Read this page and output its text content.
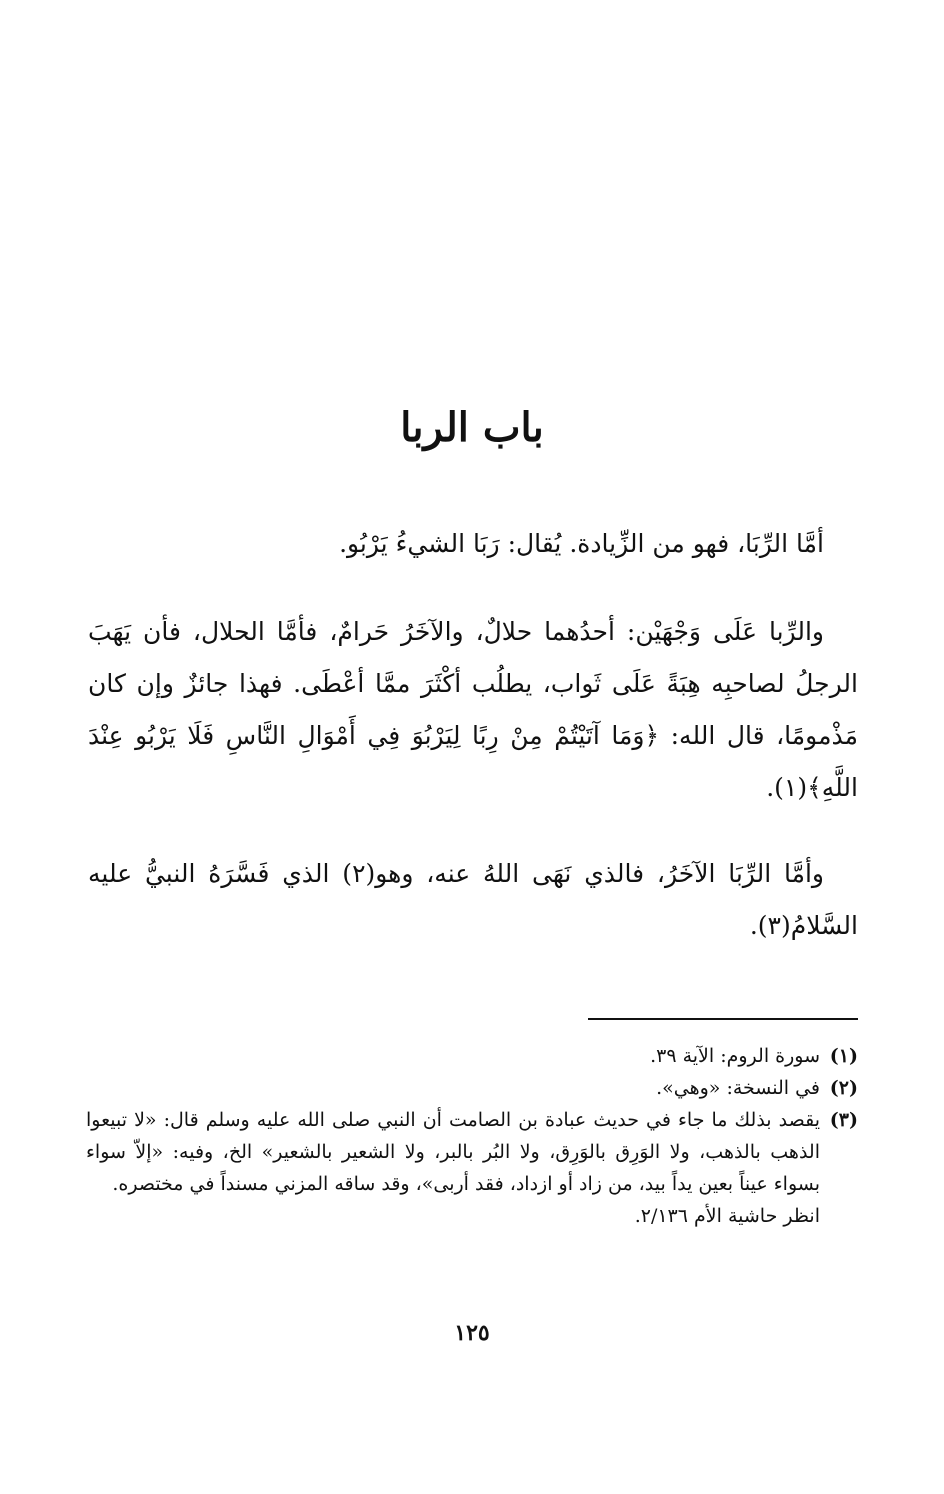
باب الربا

أمَّا الرِّبَا، فهو من الزِّيادة. يُقال: رَبَا الشيءُ يَرْبُو.

والرِّبا عَلَى وَجْهَيْن: أحدُهما حلالٌ، والآخَرُ حَرامٌ، فأمَّا الحلال، فأن يَهَبَ الرجلُ لصاحبِه هِبَةً عَلَى ثَواب، يطلُب أكْثَرَ ممَّا أعْطَى. فهذا جائزٌ وإن كان مَذْمومًا، قال الله: ﴿وَمَا آتَيْتُمْ مِنْ رِبًا لِيَرْبُوَ فِي أَمْوَالِ النَّاسِ فَلَا يَرْبُو عِنْدَ اللَّهِ﴾(١).

وأمَّا الرِّبَا الآخَرُ، فالذي نَهَى اللهُ عنه، وهو(٢) الذي فَسَّرَهُ النبيُّ عليه السَّلامُ(٣).

(١)
سورة الروم: الآية ٣٩.
(٢)
في النسخة: «وهي».
(٣)
يقصد بذلك ما جاء في حديث عبادة بن الصامت أن النبي صلى الله عليه وسلم قال: «لا تبيعوا الذهب بالذهب، ولا الوَرِق بالوَرِق، ولا البُر بالبر، ولا الشعير بالشعير» الخ، وفيه: «إلاّ سواء بسواء عيناً بعين يداً بيد، من زاد أو ازداد، فقد أربى»، وقد ساقه المزني مسنداً في مختصره.
انظر حاشية الأم ٢/١٣٦.
١٢٥
